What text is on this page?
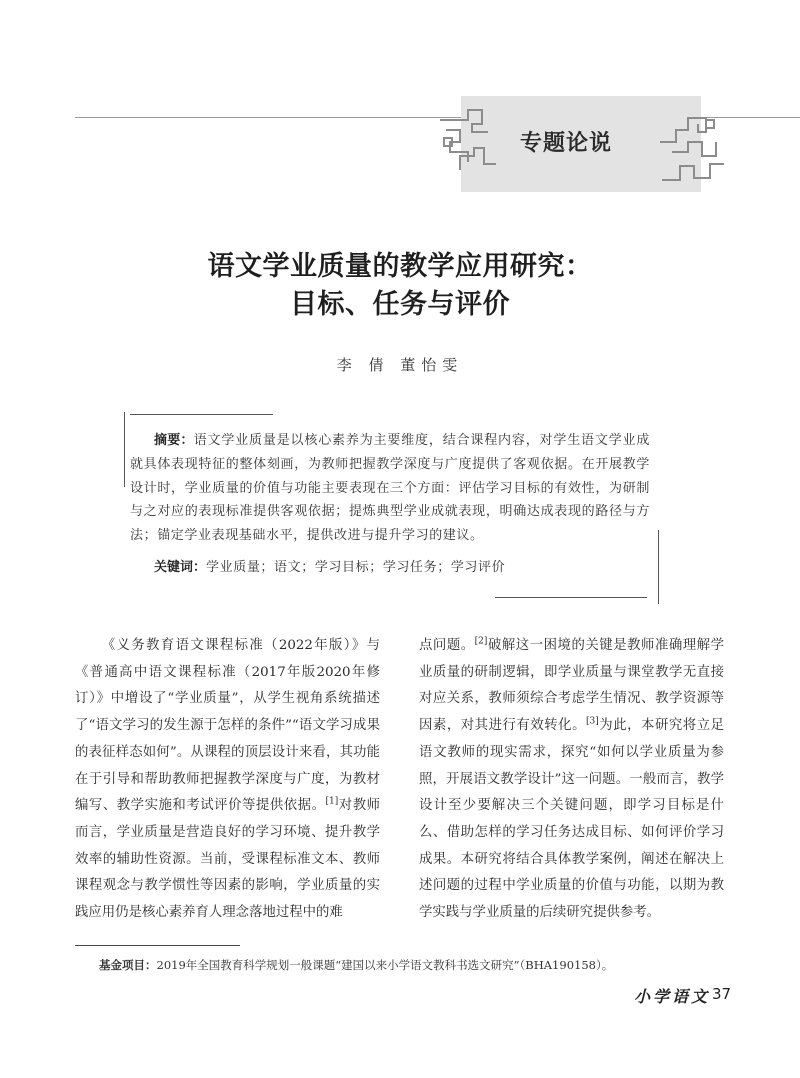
专题论说
语文学业质量的教学应用研究：
目标、任务与评价
李 倩 董怡雯
摘要：语文学业质量是以核心素养为主要维度，结合课程内容，对学生语文学业成就具体表现特征的整体刻画，为教师把握教学深度与广度提供了客观依据。在开展教学设计时，学业质量的价值与功能主要表现在三个方面：评估学习目标的有效性，为研制与之对应的表现标准提供客观依据；提炼典型学业成就表现，明确达成表现的路径与方法；锚定学业表现基础水平，提供改进与提升学习的建议。
关键词：学业质量；语文；学习目标；学习任务；学习评价

《义务教育语文课程标准（2022年版）》与《普通高中语文课程标准（2017年版2020年修订）》中增设了“学业质量”，从学生视角系统描述了“语文学习的发生源于怎样的条件”“语文学习成果的表征样态如何”。从课程的顶层设计来看，其功能在于引导和帮助教师把握教学深度与广度，为教材编写、教学实施和考试评价等提供依据。[1]对教师而言，学业质量是营造良好的学习环境、提升教学效率的辅助性资源。当前，受课程标准文本、教师课程观念与教学惯性等因素的影响，学业质量的实践应用仍是核心素养育人理念落地过程中的难

点问题。[2]破解这一困境的关键是教师准确理解学业质量的研制逻辑，即学业质量与课堂教学无直接对应关系，教师须综合考虑学生情况、教学资源等因素，对其进行有效转化。[3]为此，本研究将立足语文教师的现实需求，探究“如何以学业质量为参照，开展语文教学设计”这一问题。一般而言，教学设计至少要解决三个关键问题，即学习目标是什么、借助怎样的学习任务达成目标、如何评价学习成果。本研究将结合具体教学案例，阐述在解决上述问题的过程中学业质量的价值与功能，以期为教学实践与学业质量的后续研究提供参考。

基金项目：2019年全国教育科学规划一般课题“建国以来小学语文教科书选文研究”（BHA190158）。
小学语文 37
